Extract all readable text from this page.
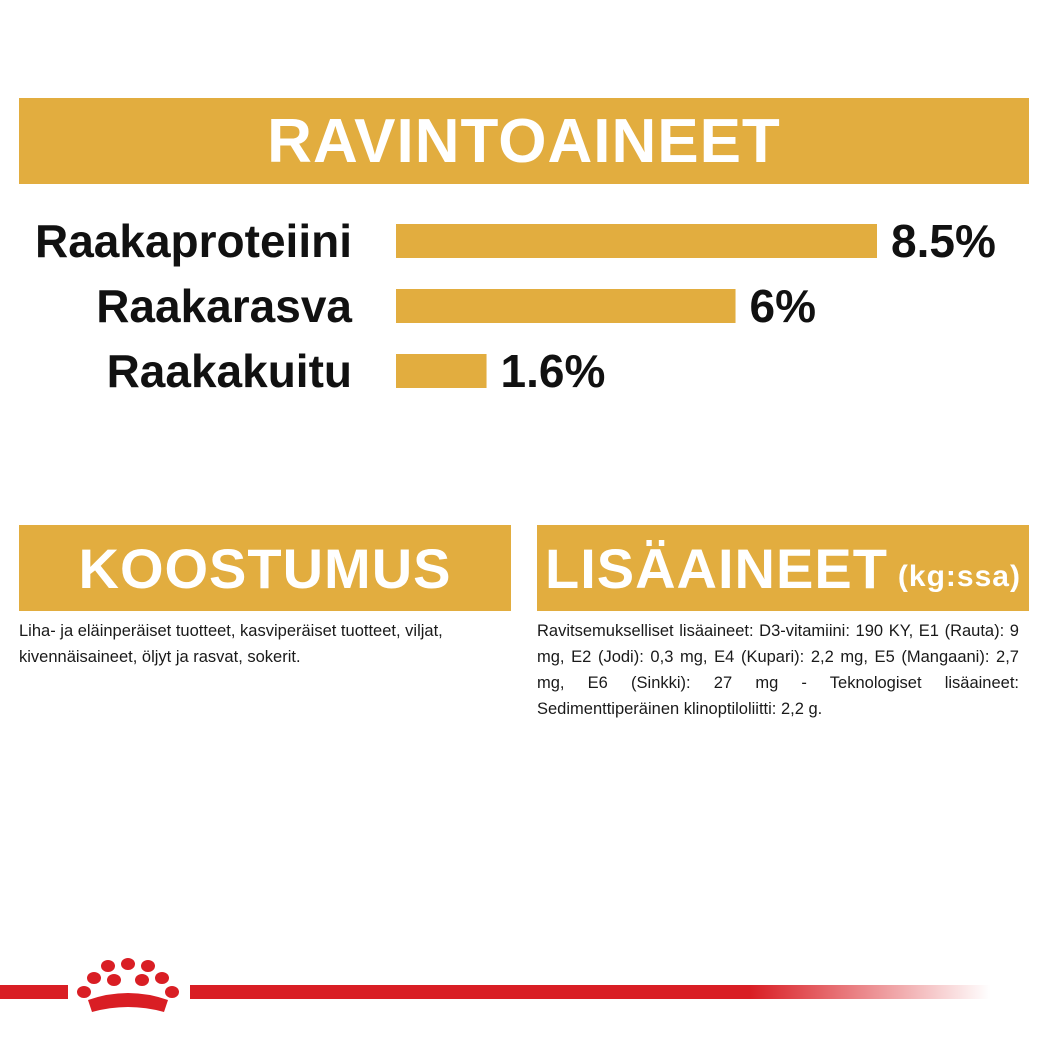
RAVINTOAINEET
Raakaproteiini	8.5%
Raakarasva	6%
Raakakuitu	1.6%
KOOSTUMUS LISÄAINEET (kg:ssa)
Liha- ja eläinperäiset tuotteet, kasviperäiset tuotteet, viljat, kivennäisaineet, öljyt ja rasvat, sokerit.
Ravitsemukselliset lisäaineet: D3-vitamiini: 190 KY, E1 (Rauta): 9 mg, E2 (Jodi): 0,3 mg, E4 (Kupari): 2,2 mg, E5 (Mangaani): 2,7 mg, E6 (Sinkki): 27 mg - Teknologiset lisäaineet: Sedimenttiperäinen klinoptiloliitti: 2,2 g.
